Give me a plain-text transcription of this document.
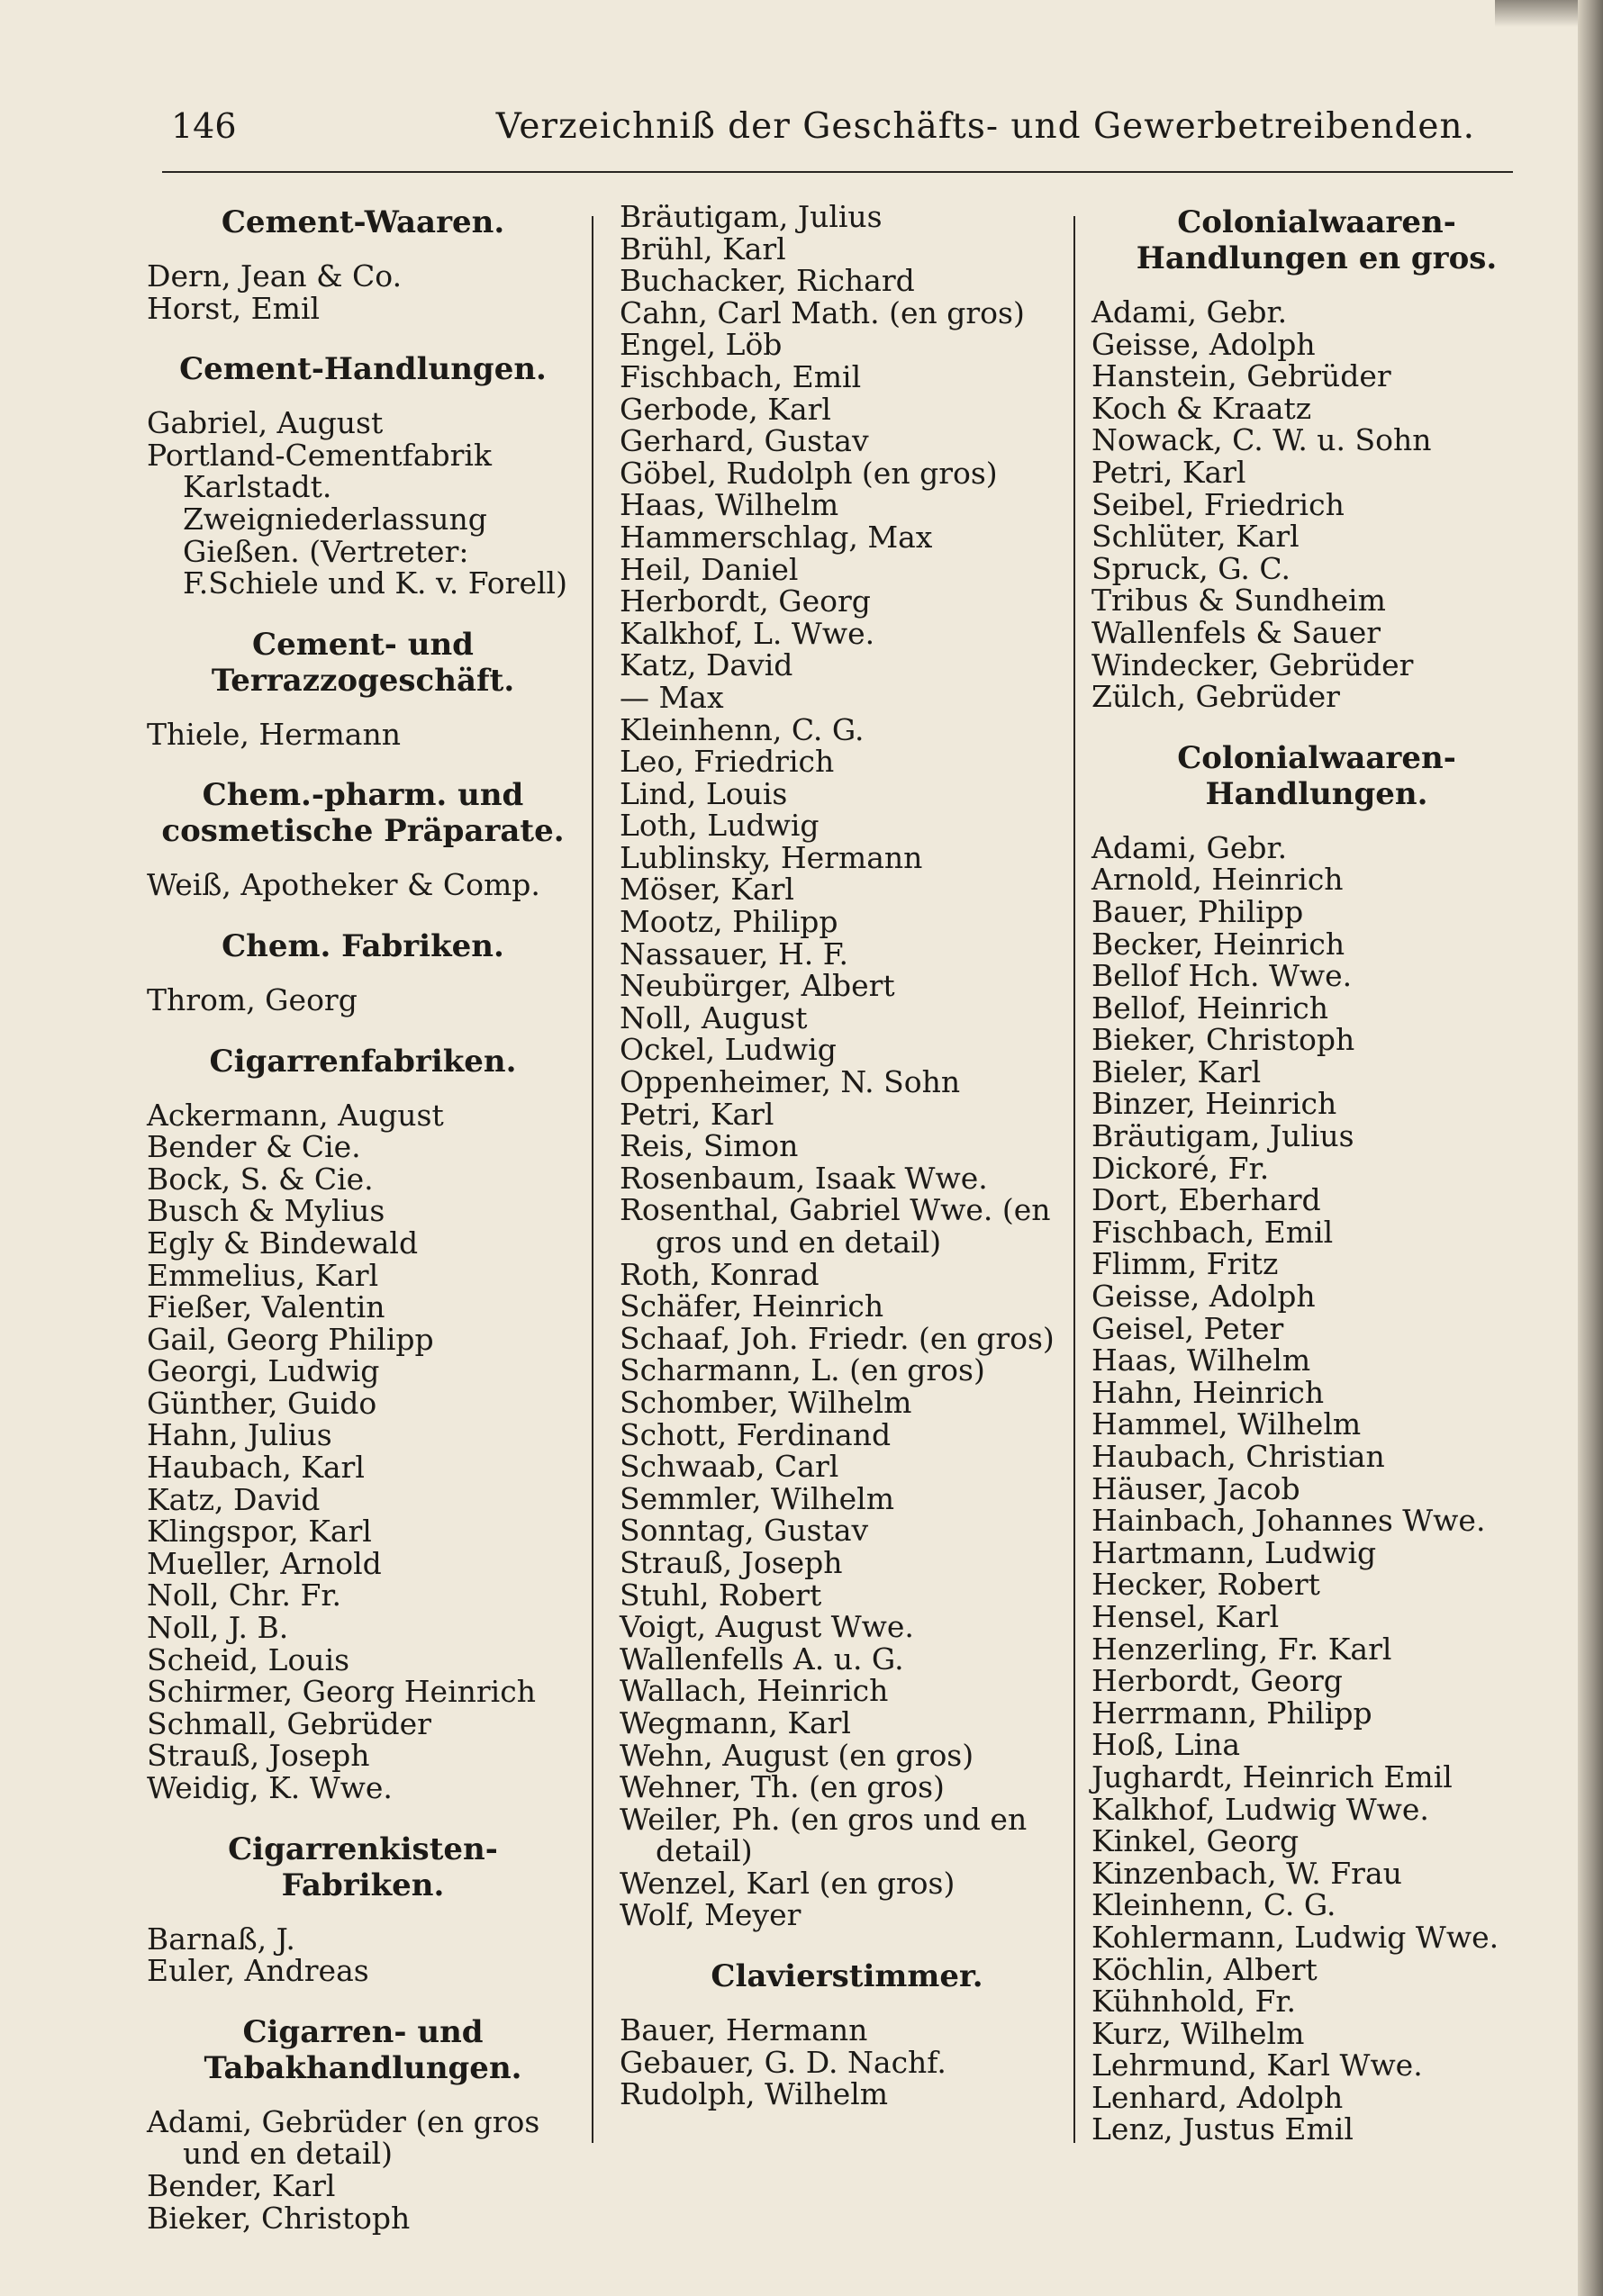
146	Verzeichniß der Geschäfts- und Gewerbetreibenden.
Cement-Waaren.
Dern, Jean & Co.
Horst, Emil
Cement-Handlungen.
Gabriel, August
Portland-Cementfabrik Karlstadt. Zweigniederlassung Gießen. (Vertreter: F.Schiele und K. v. Forell)
Cement- und Terrazzogeschäft.
Thiele, Hermann
Chem.-pharm. und cosmetische Präparate.
Weiß, Apotheker & Comp.
Chem. Fabriken.
Throm, Georg
Cigarrenfabriken.
Ackermann, August
Bender & Cie.
Bock, S. & Cie.
Busch & Mylius
Egly & Bindewald
Emmelius, Karl
Fießer, Valentin
Gail, Georg Philipp
Georgi, Ludwig
Günther, Guido
Hahn, Julius
Haubach, Karl
Katz, David
Klingspor, Karl
Mueller, Arnold
Noll, Chr. Fr.
Noll, J. B.
Scheid, Louis
Schirmer, Georg Heinrich
Schmall, Gebrüder
Strauß, Joseph
Weidig, K. Wwe.
Cigarrenkisten-Fabriken.
Barnaß, J.
Euler, Andreas
Cigarren- und Tabakhandlungen.
Adami, Gebrüder (en gros und en detail)
Bender, Karl
Bieker, Christoph
Bräutigam, Julius
Brühl, Karl
Buchacker, Richard
Cahn, Carl Math. (en gros)
Engel, Löb
Fischbach, Emil
Gerbode, Karl
Gerhard, Gustav
Göbel, Rudolph (en gros)
Haas, Wilhelm
Hammerschlag, Max
Heil, Daniel
Herbordt, Georg
Kalkhof, L. Wwe.
Katz, David
— Max
Kleinhenn, C. G.
Leo, Friedrich
Lind, Louis
Loth, Ludwig
Lublinsky, Hermann
Möser, Karl
Mootz, Philipp
Nassauer, H. F.
Neubürger, Albert
Noll, August
Ockel, Ludwig
Oppenheimer, N. Sohn
Petri, Karl
Reis, Simon
Rosenbaum, Isaak Wwe.
Rosenthal, Gabriel Wwe. (en gros und en detail)
Roth, Konrad
Schäfer, Heinrich
Schaaf, Joh. Friedr. (en gros)
Scharmann, L. (en gros)
Schomber, Wilhelm
Schott, Ferdinand
Schwaab, Carl
Semmler, Wilhelm
Sonntag, Gustav
Strauß, Joseph
Stuhl, Robert
Voigt, August Wwe.
Wallenfells A. u. G.
Wallach, Heinrich
Wegmann, Karl
Wehn, August (en gros)
Wehner, Th. (en gros)
Weiler, Ph. (en gros und en detail)
Wenzel, Karl (en gros)
Wolf, Meyer
Clavierstimmer.
Bauer, Hermann
Gebauer, G. D. Nachf.
Rudolph, Wilhelm
Colonialwaaren-Handlungen en gros.
Adami, Gebr.
Geisse, Adolph
Hanstein, Gebrüder
Koch & Kraatz
Nowack, C. W. u. Sohn
Petri, Karl
Seibel, Friedrich
Schlüter, Karl
Spruck, G. C.
Tribus & Sundheim
Wallenfels & Sauer
Windecker, Gebrüder
Zülch, Gebrüder
Colonialwaaren-Handlungen.
Adami, Gebr.
Arnold, Heinrich
Bauer, Philipp
Becker, Heinrich
Bellof Hch. Wwe.
Bellof, Heinrich
Bieker, Christoph
Bieler, Karl
Binzer, Heinrich
Bräutigam, Julius
Dickoré, Fr.
Dort, Eberhard
Fischbach, Emil
Flimm, Fritz
Geisse, Adolph
Geisel, Peter
Haas, Wilhelm
Hahn, Heinrich
Hammel, Wilhelm
Haubach, Christian
Häuser, Jacob
Hainbach, Johannes Wwe.
Hartmann, Ludwig
Hecker, Robert
Hensel, Karl
Henzerling, Fr. Karl
Herbordt, Georg
Herrmann, Philipp
Hoß, Lina
Jughardt, Heinrich Emil
Kalkhof, Ludwig Wwe.
Kinkel, Georg
Kinzenbach, W. Frau
Kleinhenn, C. G.
Kohlermann, Ludwig Wwe.
Köchlin, Albert
Kühnhold, Fr.
Kurz, Wilhelm
Lehrmund, Karl Wwe.
Lenhard, Adolph
Lenz, Justus Emil
